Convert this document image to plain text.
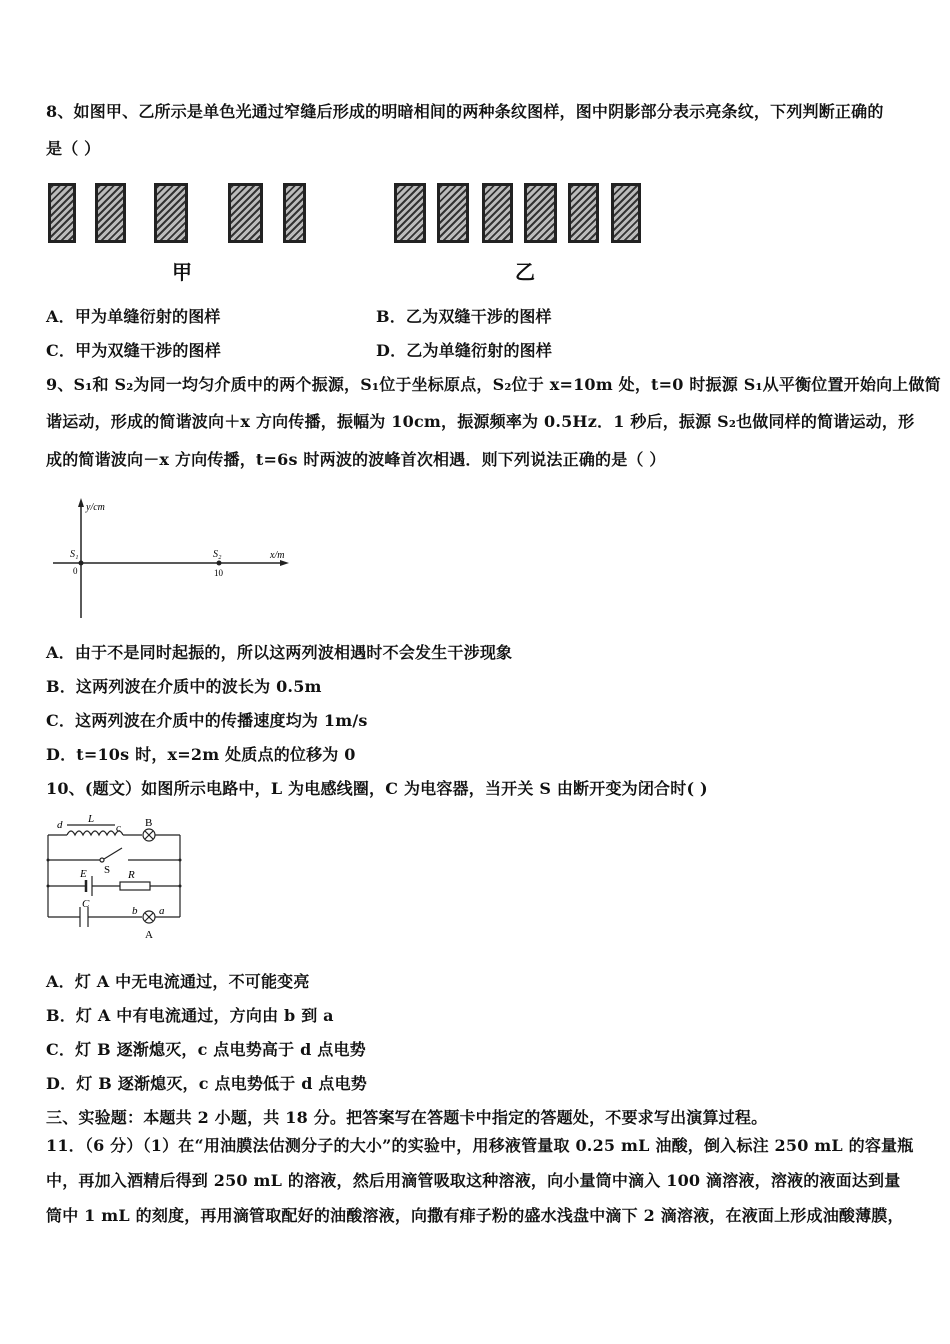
8、如图甲、乙所示是单色光通过窄缝后形成的明暗相间的两种条纹图样，图中阴影部分表示亮条纹，下列判断正确的
是（ ）
甲	乙
A．甲为单缝衍射的图样	B．乙为双缝干涉的图样
C．甲为双缝干涉的图样	D．乙为单缝衍射的图样
9、S₁和 S₂为同一均匀介质中的两个振源，S₁位于坐标原点，S₂位于 x=10m 处，t=0 时振源 S₁从平衡位置开始向上做简
谐运动，形成的简谐波向＋x 方向传播，振幅为 10cm，振源频率为 0.5Hz．1 秒后，振源 S₂也做同样的简谐运动，形
成的简谐波向－x 方向传播，t=6s 时两波的波峰首次相遇．则下列说法正确的是（ ）
y/cm
x/m
S₁	S₂
0	10
A．由于不是同时起振的，所以这两列波相遇时不会发生干涉现象
B．这两列波在介质中的波长为 0.5m
C．这两列波在介质中的传播速度均为 1m/s
D．t=10s 时，x=2m 处质点的位移为 0
10、(题文）如图所示电路中，L 为电感线圈，C 为电容器，当开关 S 由断开变为闭合时( )
d L
c B
S
E	R
C
b a
A
A．灯 A 中无电流通过，不可能变亮
B．灯 A 中有电流通过，方向由 b 到 a
C．灯 B 逐渐熄灭，c 点电势高于 d 点电势
D．灯 B 逐渐熄灭，c 点电势低于 d 点电势
三、实验题：本题共 2 小题，共 18 分。把答案写在答题卡中指定的答题处，不要求写出演算过程。
11．（6 分）（1）在“用油膜法估测分子的大小”的实验中，用移液管量取 0.25 mL 油酸，倒入标注 250 mL 的容量瓶
中，再加入酒精后得到 250 mL 的溶液，然后用滴管吸取这种溶液，向小量筒中滴入 100 滴溶液，溶液的液面达到量
筒中 1 mL 的刻度，再用滴管取配好的油酸溶液，向撒有痱子粉的盛水浅盘中滴下 2 滴溶液，在液面上形成油酸薄膜，
